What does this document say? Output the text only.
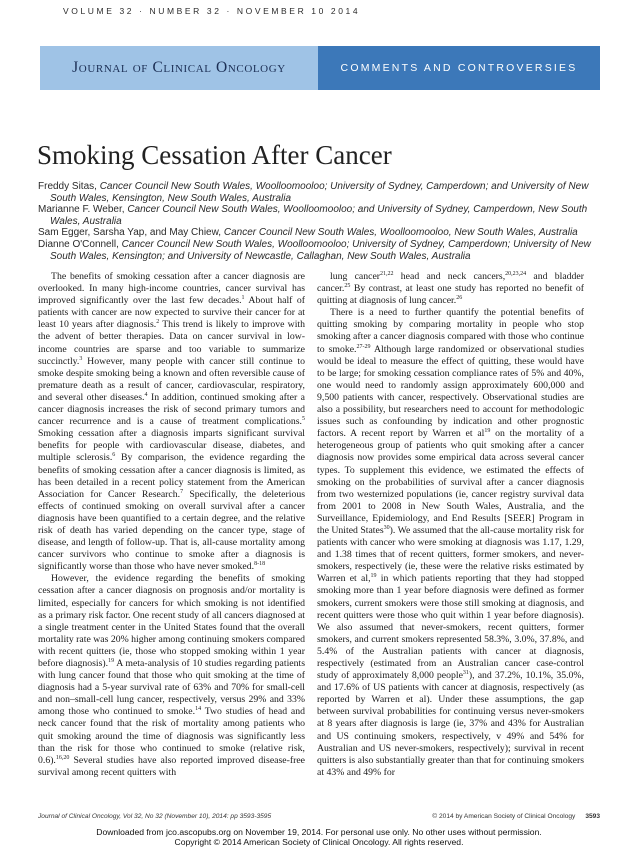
VOLUME 32 · NUMBER 32 · NOVEMBER 10 2014
Journal of Clinical Oncology	COMMENTS AND CONTROVERSIES
Smoking Cessation After Cancer
Freddy Sitas, Cancer Council New South Wales, Woolloomooloo; University of Sydney, Camperdown; and University of New South Wales, Kensington, New South Wales, Australia
Marianne F. Weber, Cancer Council New South Wales, Woolloomooloo; and University of Sydney, Camperdown, New South Wales, Australia
Sam Egger, Sarsha Yap, and May Chiew, Cancer Council New South Wales, Woolloomooloo, New South Wales, Australia
Dianne O'Connell, Cancer Council New South Wales, Woolloomooloo; University of Sydney, Camperdown; University of New South Wales, Kensington; and University of Newcastle, Callaghan, New South Wales, Australia

The benefits of smoking cessation after a cancer diagnosis are overlooked. In many high-income countries, cancer survival has improved significantly over the last few decades.$^1$ About half of patients with cancer are now expected to survive their cancer for at least 10 years after diagnosis.$^2$ This trend is likely to improve with the advent of better therapies. Data on cancer survival in low-income countries are sparse and too variable to summarize succinctly.$^3$ However, many people with cancer still continue to smoke despite smoking being a known and often reversible cause of premature death as a result of cancer, cardiovascular, respiratory, and several other diseases.$^4$ In addition, continued smoking after a cancer diagnosis increases the risk of second primary tumors and cancer recurrence and is a cause of treatment complications.$^5$ Smoking cessation after a diagnosis imparts significant survival benefits for people with cardiovascular disease, diabetes, and multiple sclerosis.$^6$ By comparison, the evidence regarding the benefits of smoking cessation after a cancer diagnosis is limited, as has been detailed in a recent policy statement from the American Association for Cancer Research.$^7$ Specifically, the deleterious effects of continued smoking on overall survival after a cancer diagnosis have been quantified to a certain degree, and the relative risk of death has varied depending on the cancer type, stage of disease, and length of follow-up. That is, all-cause mortality among cancer survivors who continue to smoke after a diagnosis is significantly worse than those who have never smoked.$^{8-18}$

However, the evidence regarding the benefits of smoking cessation after a cancer diagnosis on prognosis and/or mortality is limited, especially for cancers for which smoking is not identified as a primary risk factor. One recent study of all cancers diagnosed at a single treatment center in the United States found that the overall mortality rate was 20% higher among continuing smokers compared with recent quitters (ie, those who stopped smoking within 1 year before diagnosis).$^{19}$ A meta-analysis of 10 studies regarding patients with lung cancer found that those who quit smoking at the time of diagnosis had a 5-year survival rate of 63% and 70% for small-cell and non–small-cell lung cancer, respectively, versus 29% and 33% among those who continued to smoke.$^{14}$ Two studies of head and neck cancer found that the risk of mortality among patients who quit smoking around the time of diagnosis was significantly less than the risk for those who continued to smoke (relative risk, 0.6).$^{16,20}$ Several studies have also reported improved disease-free survival among recent quitters with

lung cancer$^{21,22}$ head and neck cancers,$^{20,23,24}$ and bladder cancer.$^{25}$ By contrast, at least one study has reported no benefit of quitting at diagnosis of lung cancer.$^{26}$

There is a need to further quantify the potential benefits of quitting smoking by comparing mortality in people who stop smoking after a cancer diagnosis compared with those who continue to smoke.$^{27-29}$ Although large randomized or observational studies would be ideal to measure the effect of quitting, these would have to be large; for smoking cessation compliance rates of 5% and 40%, one would need to randomly assign approximately 600,000 and 9,500 patients with cancer, respectively. Observational studies are also a possibility, but researchers need to account for methodologic issues such as confounding by indication and other prognostic factors. A recent report by Warren et $al^{19}$ on the mortality of a heterogeneous group of patients who quit smoking after a cancer diagnosis now provides some empirical data across several cancer types. To supplement this evidence, we estimated the effects of smoking on the probabilities of survival after a cancer diagnosis from two westernized populations (ie, cancer registry survival data from 2001 to 2008 in New South Wales, Australia, and the Surveillance, Epidemiology, and End Results [SEER] Program in the United States$^{30}$). We assumed that the all-cause mortality risk for patients with cancer who were smoking at diagnosis was 1.17, 1.29, and 1.38 times that of recent quitters, former smokers, and never-smokers, respectively (ie, these were the relative risks estimated by Warren et al,$^{19}$ in which patients reporting that they had stopped smoking more than 1 year before diagnosis were defined as former smokers, current smokers were those still smoking at diagnosis, and recent quitters were those who quit within 1 year before diagnosis). We also assumed that never-smokers, recent quitters, former smokers, and current smokers represented 58.3%, 3.0%, 37.8%, and 5.4% of the Australian patients with cancer at diagnosis, respectively (estimated from an Australian cancer case-control study of approximately 8,000 people$^{31}$), and 37.2%, 10.1%, 35.0%, and 17.6% of US patients with cancer at diagnosis, respectively (as reported by Warren et al). Under these assumptions, the gap between survival probabilities for continuing versus never-smokers at 8 years after diagnosis is large (ie, 37% and 43% for Australian and US continuing smokers, respectively, v 49% and 54% for Australian and US never-smokers, respectively); survival in recent quitters is also substantially greater than that for continuing smokers at 43% and 49% for

Journal of Clinical Oncology, Vol 32, No 32 (November 10), 2014: pp 3593-3595	© 2014 by American Society of Clinical Oncology 3593
Downloaded from jco.ascopubs.org on November 19, 2014. For personal use only. No other uses without permission.
Copyright © 2014 American Society of Clinical Oncology. All rights reserved.
